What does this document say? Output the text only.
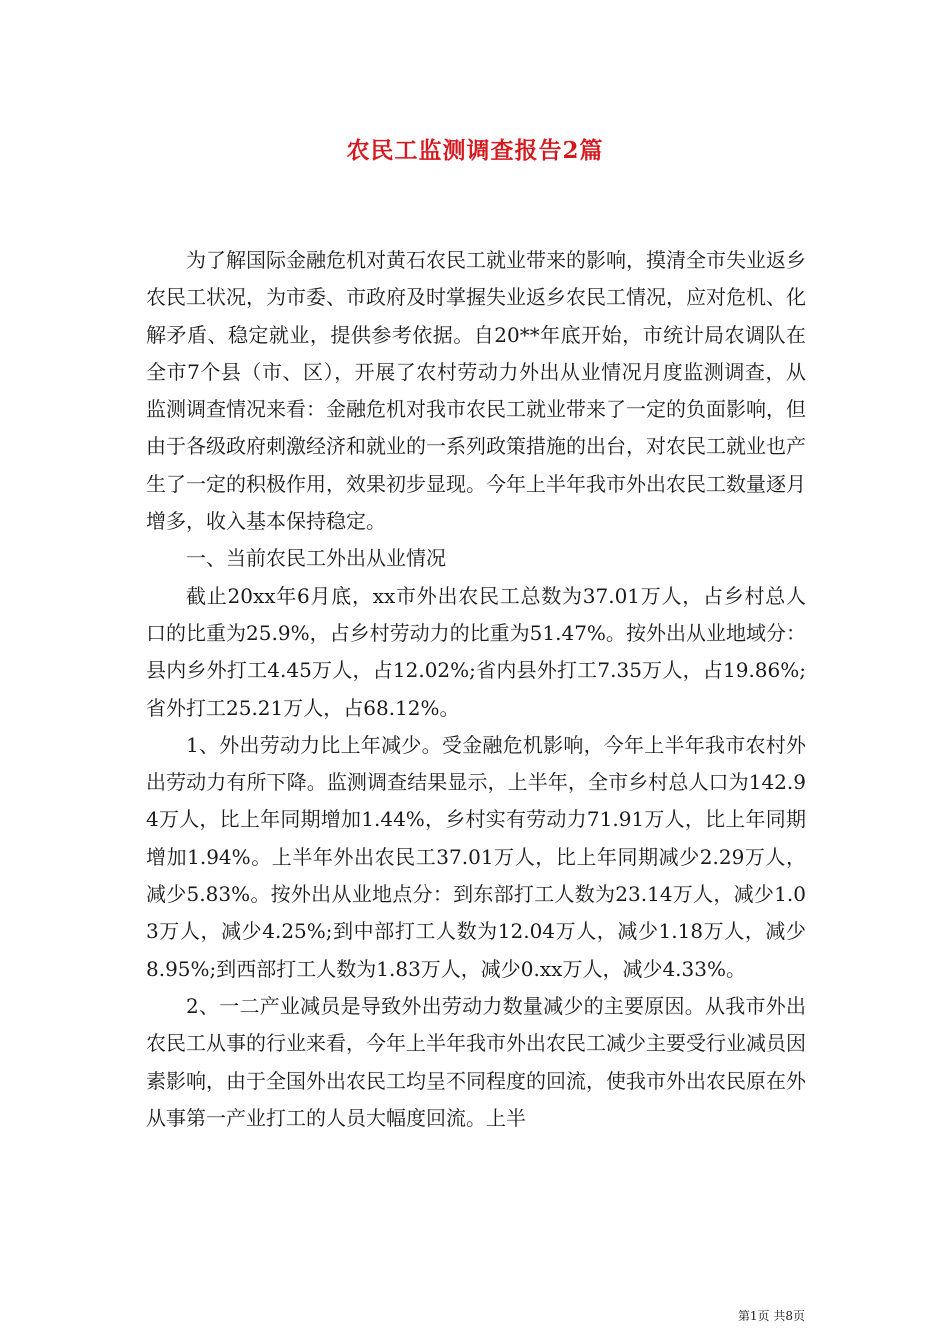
农民工监测调查报告2篇

为了解国际金融危机对黄石农民工就业带来的影响，摸清全市失业返乡农民工状况，为市委、市政府及时掌握失业返乡农民工情况，应对危机、化解矛盾、稳定就业，提供参考依据。自20**年底开始，市统计局农调队在全市7个县（市、区），开展了农村劳动力外出从业情况月度监测调查，从监测调查情况来看：金融危机对我市农民工就业带来了一定的负面影响，但由于各级政府刺激经济和就业的一系列政策措施的出台，对农民工就业也产生了一定的积极作用，效果初步显现。今年上半年我市外出农民工数量逐月增多，收入基本保持稳定。

一、当前农民工外出从业情况

截止20xx年6月底，xx市外出农民工总数为37.01万人，占乡村总人口的比重为25.9%，占乡村劳动力的比重为51.47%。按外出从业地域分：县内乡外打工4.45万人，占12.02%;省内县外打工7.35万人，占19.86%;省外打工25.21万人，占68.12%。

1、外出劳动力比上年减少。受金融危机影响，今年上半年我市农村外出劳动力有所下降。监测调查结果显示，上半年，全市乡村总人口为142.94万人，比上年同期增加1.44%，乡村实有劳动力71.91万人，比上年同期增加1.94%。上半年外出农民工37.01万人，比上年同期减少2.29万人，减少5.83%。按外出从业地点分：到东部打工人数为23.14万人，减少1.03万人，减少4.25%;到中部打工人数为12.04万人，减少1.18万人，减少8.95%;到西部打工人数为1.83万人，减少0.xx万人，减少4.33%。

2、一二产业减员是导致外出劳动力数量减少的主要原因。从我市外出农民工从事的行业来看，今年上半年我市外出农民工减少主要受行业减员因素影响，由于全国外出农民工均呈不同程度的回流，使我市外出农民原在外从事第一产业打工的人员大幅度回流。上半

第1页 共8页
